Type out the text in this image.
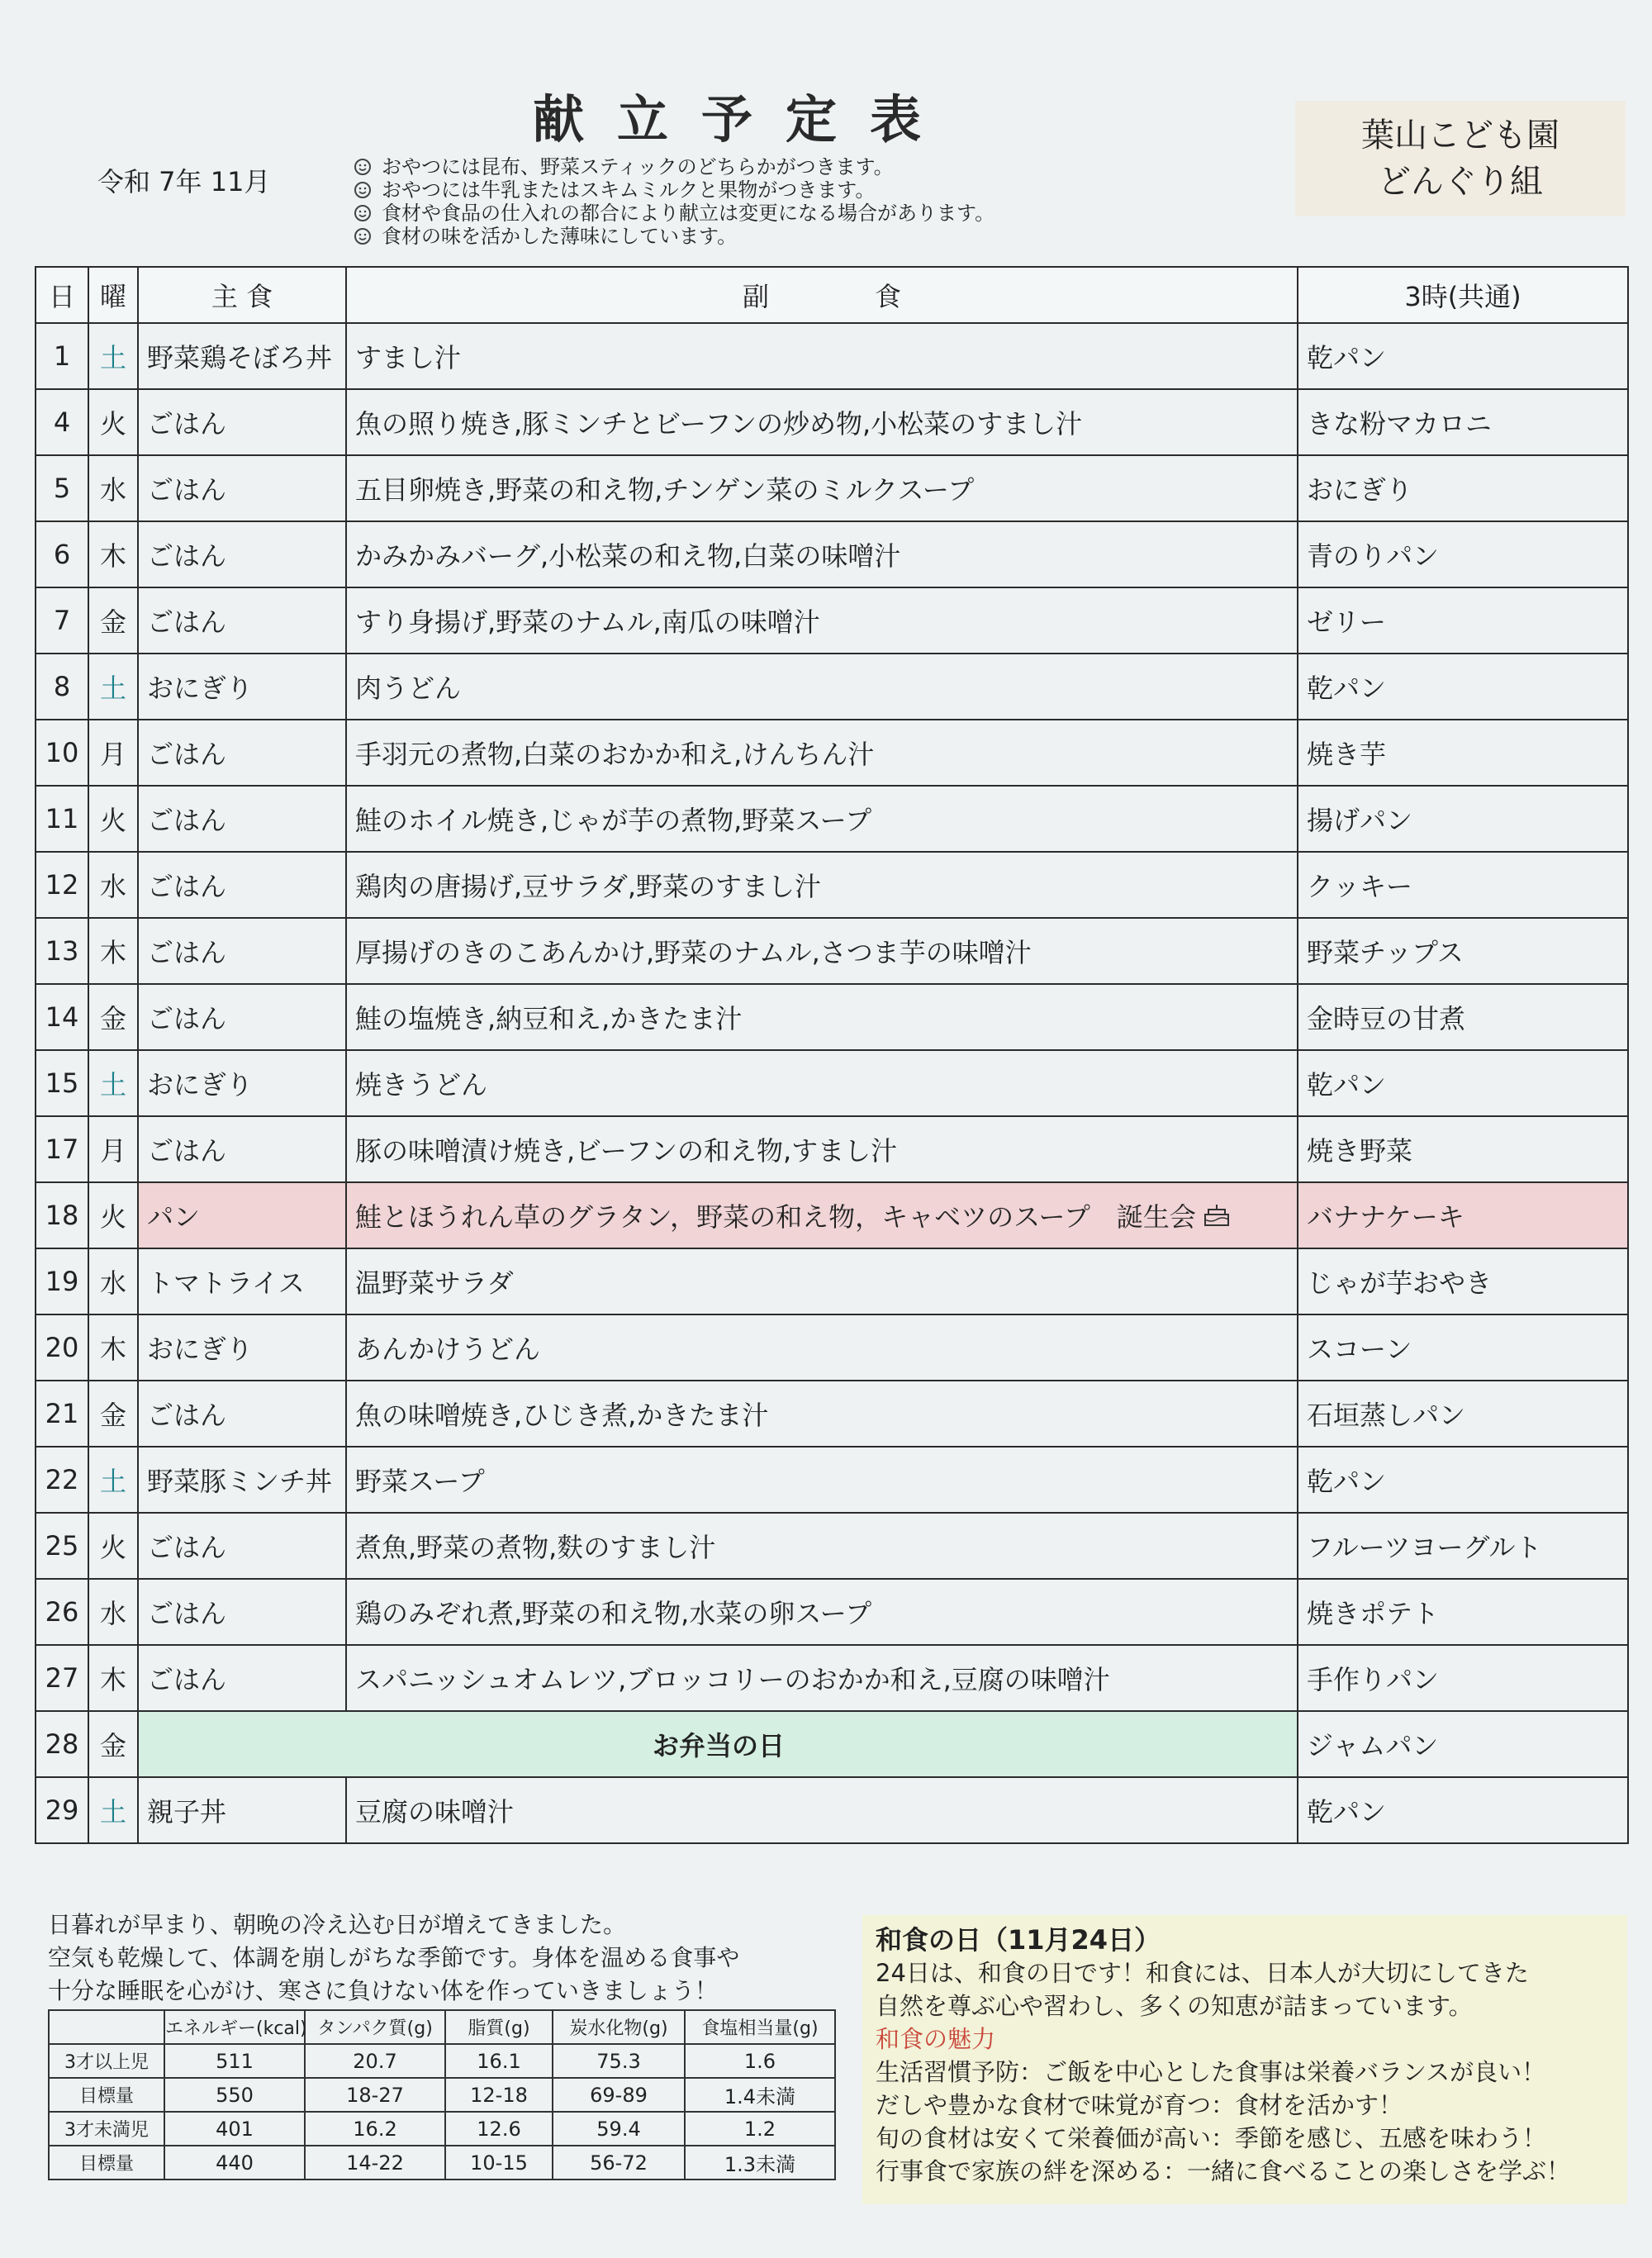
献立予定表
令和 7年 11月	おやつには昆布、野菜スティックのどちらかがつきます。
おやつには牛乳またはスキムミルクと果物がつきます。
食材や食品の仕入れの都合により献立は変更になる場合があります。
食材の味を活かした薄味にしています。
葉山こども園
どんぐり組
日	曜	主 食	副　　　　食	3時(共通)
1	土	野菜鶏そぼろ丼	すまし汁	乾パン
4	火	ごはん	魚の照り焼き,豚ミンチとビーフンの炒め物,小松菜のすまし汁	きな粉マカロニ
5	水	ごはん	五目卵焼き,野菜の和え物,チンゲン菜のミルクスープ	おにぎり
6	木	ごはん	かみかみバーグ,小松菜の和え物,白菜の味噌汁	青のりパン
7	金	ごはん	すり身揚げ,野菜のナムル,南瓜の味噌汁	ゼリー
8	土	おにぎり	肉うどん	乾パン
10	月	ごはん	手羽元の煮物,白菜のおかか和え,けんちん汁	焼き芋
11	火	ごはん	鮭のホイル焼き,じゃが芋の煮物,野菜スープ	揚げパン
12	水	ごはん	鶏肉の唐揚げ,豆サラダ,野菜のすまし汁	クッキー
13	木	ごはん	厚揚げのきのこあんかけ,野菜のナムル,さつま芋の味噌汁	野菜チップス
14	金	ごはん	鮭の塩焼き,納豆和え,かきたま汁	金時豆の甘煮
15	土	おにぎり	焼きうどん	乾パン
17	月	ごはん	豚の味噌漬け焼き,ビーフンの和え物,すまし汁	焼き野菜
18	火	パン	鮭とほうれん草のグラタン，野菜の和え物，キャベツのスープ　誕生会	バナナケーキ
19	水	トマトライス	温野菜サラダ	じゃが芋おやき
20	木	おにぎり	あんかけうどん	スコーン
21	金	ごはん	魚の味噌焼き,ひじき煮,かきたま汁	石垣蒸しパン
22	土	野菜豚ミンチ丼	野菜スープ	乾パン
25	火	ごはん	煮魚,野菜の煮物,麩のすまし汁	フルーツヨーグルト
26	水	ごはん	鶏のみぞれ煮,野菜の和え物,水菜の卵スープ	焼きポテト
27	木	ごはん	スパニッシュオムレツ,ブロッコリーのおかか和え,豆腐の味噌汁	手作りパン
28	金	お弁当の日		ジャムパン
29	土	親子丼	豆腐の味噌汁	乾パン
日暮れが早まり、朝晩の冷え込む日が増えてきました。
空気も乾燥して、体調を崩しがちな季節です。身体を温める食事や
十分な睡眠を心がけ、寒さに負けない体を作っていきましょう！
	エネルギー(kcal)	タンパク質(g)	脂質(g)	炭水化物(g)	食塩相当量(g)
3才以上児	511	20.7	16.1	75.3	1.6
目標量	550	18-27	12-18	69-89	1.4未満
3才未満児	401	16.2	12.6	59.4	1.2
目標量	440	14-22	10-15	56-72	1.3未満
和食の日（11月24日）
24日は、和食の日です！和食には、日本人が大切にしてきた
自然を尊ぶ心や習わし、多くの知恵が詰まっています。
和食の魅力
生活習慣予防：ご飯を中心とした食事は栄養バランスが良い！
だしや豊かな食材で味覚が育つ：食材を活かす！
旬の食材は安くて栄養価が高い：季節を感じ、五感を味わう！
行事食で家族の絆を深める：一緒に食べることの楽しさを学ぶ！
